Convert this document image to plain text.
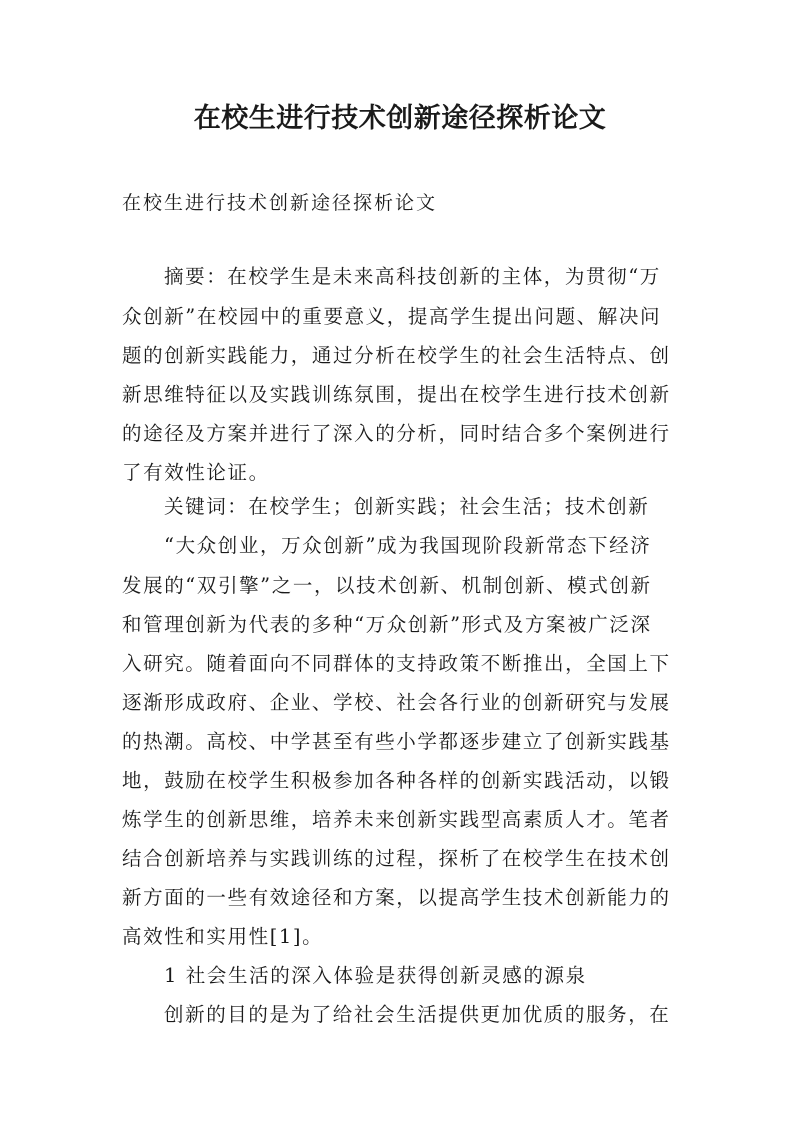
在校生进行技术创新途径探析论文
在校生进行技术创新途径探析论文
摘要：在校学生是未来高科技创新的主体，为贯彻“万
众创新”在校园中的重要意义，提高学生提出问题、解决问
题的创新实践能力，通过分析在校学生的社会生活特点、创
新思维特征以及实践训练氛围，提出在校学生进行技术创新
的途径及方案并进行了深入的分析，同时结合多个案例进行
了有效性论证。
关键词：在校学生；创新实践；社会生活；技术创新
“大众创业，万众创新”成为我国现阶段新常态下经济
发展的“双引擎”之一，以技术创新、机制创新、模式创新
和管理创新为代表的多种“万众创新”形式及方案被广泛深
入研究。随着面向不同群体的支持政策不断推出，全国上下
逐渐形成政府、企业、学校、社会各行业的创新研究与发展
的热潮。高校、中学甚至有些小学都逐步建立了创新实践基
地，鼓励在校学生积极参加各种各样的创新实践活动，以锻
炼学生的创新思维，培养未来创新实践型高素质人才。笔者
结合创新培养与实践训练的过程，探析了在校学生在技术创
新方面的一些有效途径和方案，以提高学生技术创新能力的
高效性和实用性[1]。
1 社会生活的深入体验是获得创新灵感的源泉
创新的目的是为了给社会生活提供更加优质的服务，在
